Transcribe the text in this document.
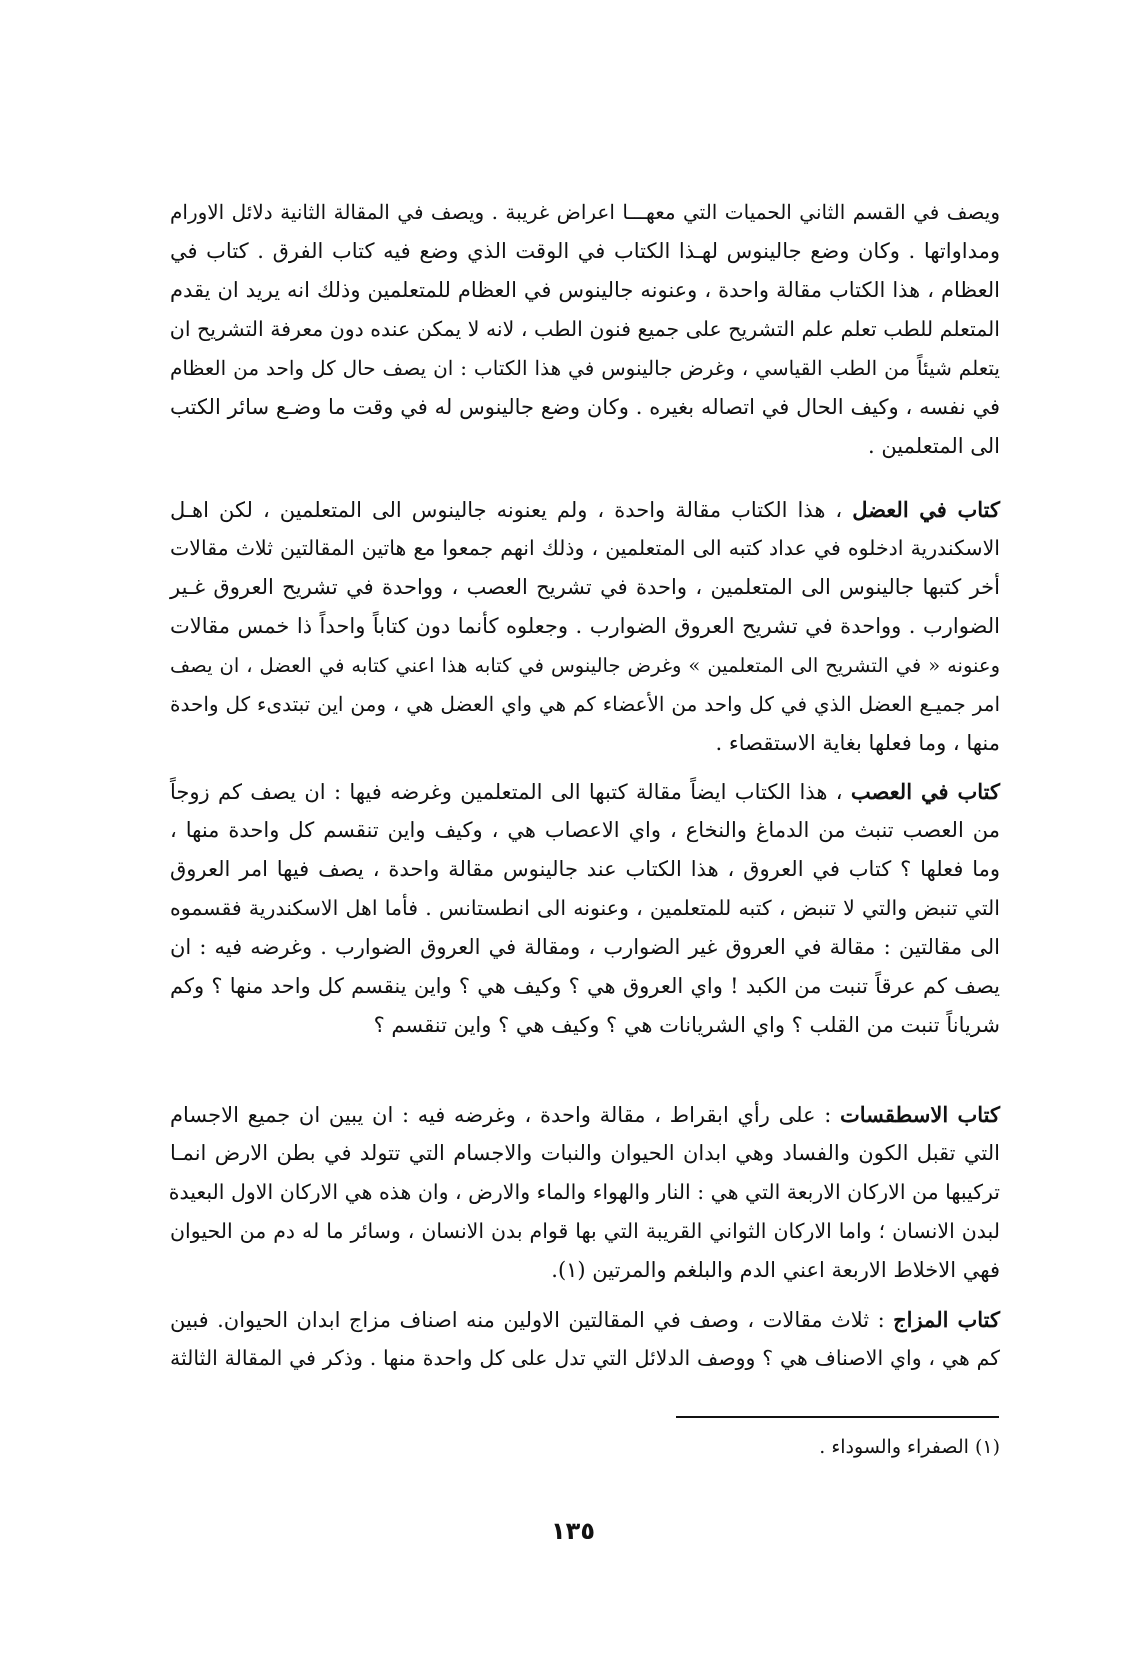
ويصف في القسم الثاني الحميات التي معهـــا اعراض غريبة . ويصف في المقالة الثانية دلائل الاورام
ومداواتها . وكان وضع جالينوس لهـذا الكتاب في الوقت الذي وضع فيه كتاب الفرق . كتاب في
العظام ، هذا الكتاب مقالة واحدة ، وعنونه جالينوس في العظام للمتعلمين وذلك انه يريد ان يقدم
المتعلم للطب تعلم علم التشريح على جميع فنون الطب ، لانه لا يمكن عنده دون معرفة التشريح ان
يتعلم شيئاً من الطب القياسي ، وغرض جالينوس في هذا الكتاب : ان يصف حال كل واحد من العظام
في نفسه ، وكيف الحال في اتصاله بغيره . وكان وضع جالينوس له في وقت ما وضـع سائر الكتب
الى المتعلمين .
كتاب في العضل ، هذا الكتاب مقالة واحدة ، ولم يعنونه جالينوس الى المتعلمين ، لكن اهـل
الاسكندرية ادخلوه في عداد كتبه الى المتعلمين ، وذلك انهم جمعوا مع هاتين المقالتين ثلاث مقالات
أخر كتبها جالينوس الى المتعلمين ، واحدة في تشريح العصب ، وواحدة في تشريح العروق غـير
الضوارب . وواحدة في تشريح العروق الضوارب . وجعلوه كأنما دون كتاباً واحداً ذا خمس مقالات
وعنونه « في التشريح الى المتعلمين » وغرض جالينوس في كتابه هذا اعني كتابه في العضل ، ان يصف
امر جميـع العضل الذي في كل واحد من الأعضاء كم هي واي العضل هي ، ومن اين تبتدىء كل واحدة
منها ، وما فعلها بغاية الاستقصاء .
كتاب في العصب ، هذا الكتاب ايضاً مقالة كتبها الى المتعلمين وغرضه فيها : ان يصف كم زوجاً
من العصب تنبث من الدماغ والنخاع ، واي الاعصاب هي ، وكيف واين تنقسم كل واحدة منها ،
وما فعلها ؟ كتاب في العروق ، هذا الكتاب عند جالينوس مقالة واحدة ، يصف فيها امر العروق
التي تنبض والتي لا تنبض ، كتبه للمتعلمين ، وعنونه الى انطستانس . فأما اهل الاسكندرية فقسموه
الى مقالتين : مقالة في العروق غير الضوارب ، ومقالة في العروق الضوارب . وغرضه فيه : ان
يصف كم عرقاً تنبت من الكبد ! واي العروق هي ؟ وكيف هي ؟ واين ينقسم كل واحد منها ؟ وكم
شرياناً تنبت من القلب ؟ واي الشريانات هي ؟ وكيف هي ؟ واين تنقسم ؟
كتاب الاسطقسات : على رأي ابقراط ، مقالة واحدة ، وغرضه فيه : ان يبين ان جميع الاجسام
التي تقبل الكون والفساد وهي ابدان الحيوان والنبات والاجسام التي تتولد في بطن الارض انمـا
تركيبها من الاركان الاربعة التي هي : النار والهواء والماء والارض ، وان هذه هي الاركان الاول البعيدة
لبدن الانسان ؛ واما الاركان الثواني القريبة التي بها قوام بدن الانسان ، وسائر ما له دم من الحيوان
فهي الاخلاط الاربعة اعني الدم والبلغم والمرتين (١).
كتاب المزاج : ثلاث مقالات ، وصف في المقالتين الاولين منه اصناف مزاج ابدان الحيوان. فبين
كم هي ، واي الاصناف هي ؟ ووصف الدلائل التي تدل على كل واحدة منها . وذكر في المقالة الثالثة
(١) الصفراء والسوداء .
١٣٥
